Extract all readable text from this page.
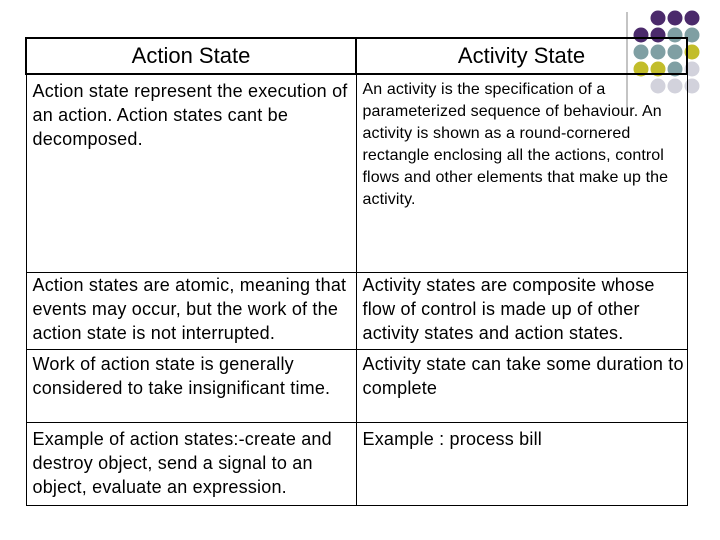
Action State	Activity State
Action state represent the execution of an action. Action states cant be decomposed.	An activity is the specification of a parameterized sequence of behaviour. An activity is shown as a round-cornered rectangle enclosing all the actions, control flows and other elements that make up the activity.
Action states are atomic, meaning that events may occur, but the work of the action state is not interrupted.	Activity states are composite whose flow of control is made up of other activity states and action states.
Work of action state is generally considered to take insignificant time.	Activity state can take some duration to complete
Example of action states:-create and destroy object, send a signal to an object, evaluate an expression.	Example : process bill
